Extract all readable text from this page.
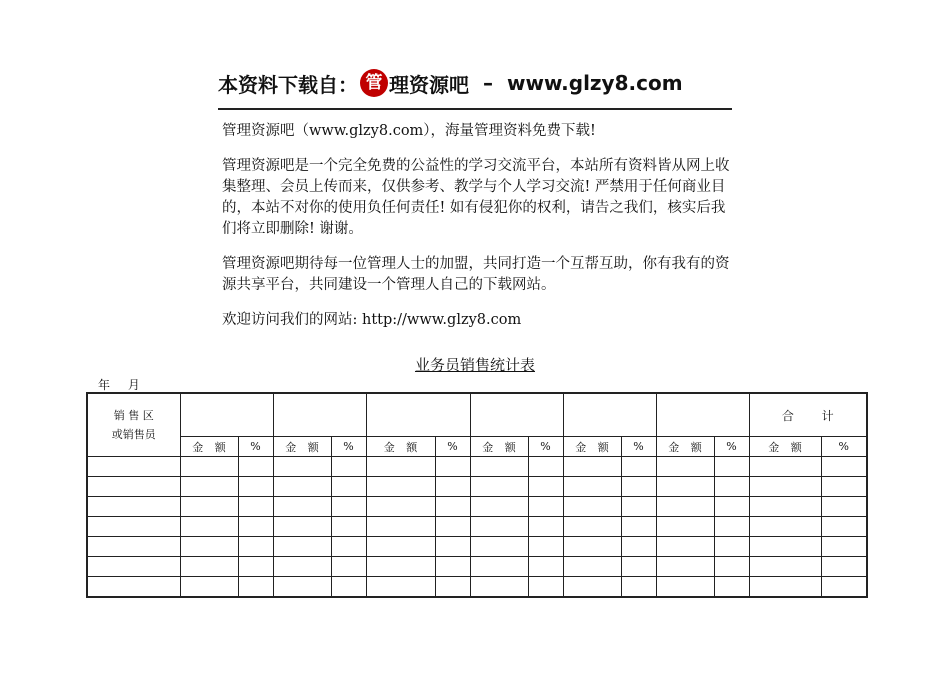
本资料下载自： 管 理资源吧 – www.glzy8.com

管理资源吧（www.glzy8.com），海量管理资料免费下载!

管理资源吧是一个完全免费的公益性的学习交流平台，本站所有资料皆从网上收集整理、会员上传而来，仅供参考、教学与个人学习交流! 严禁用于任何商业目的，本站不对你的使用负任何责任! 如有侵犯你的权利，请告之我们，核实后我们将立即删除! 谢谢。

管理资源吧期待每一位管理人士的加盟，共同打造一个互帮互助，你有我有的资源共享平台，共同建设一个管理人自己的下载网站。

欢迎访问我们的网站: http://www.glzy8.com

业务员销售统计表
年 月
销 售 区
或销售员													合 计	
	金 额	%	金 额	%	金 额	%	金 额	%	金 额	%	金 额	%	金 额	%
